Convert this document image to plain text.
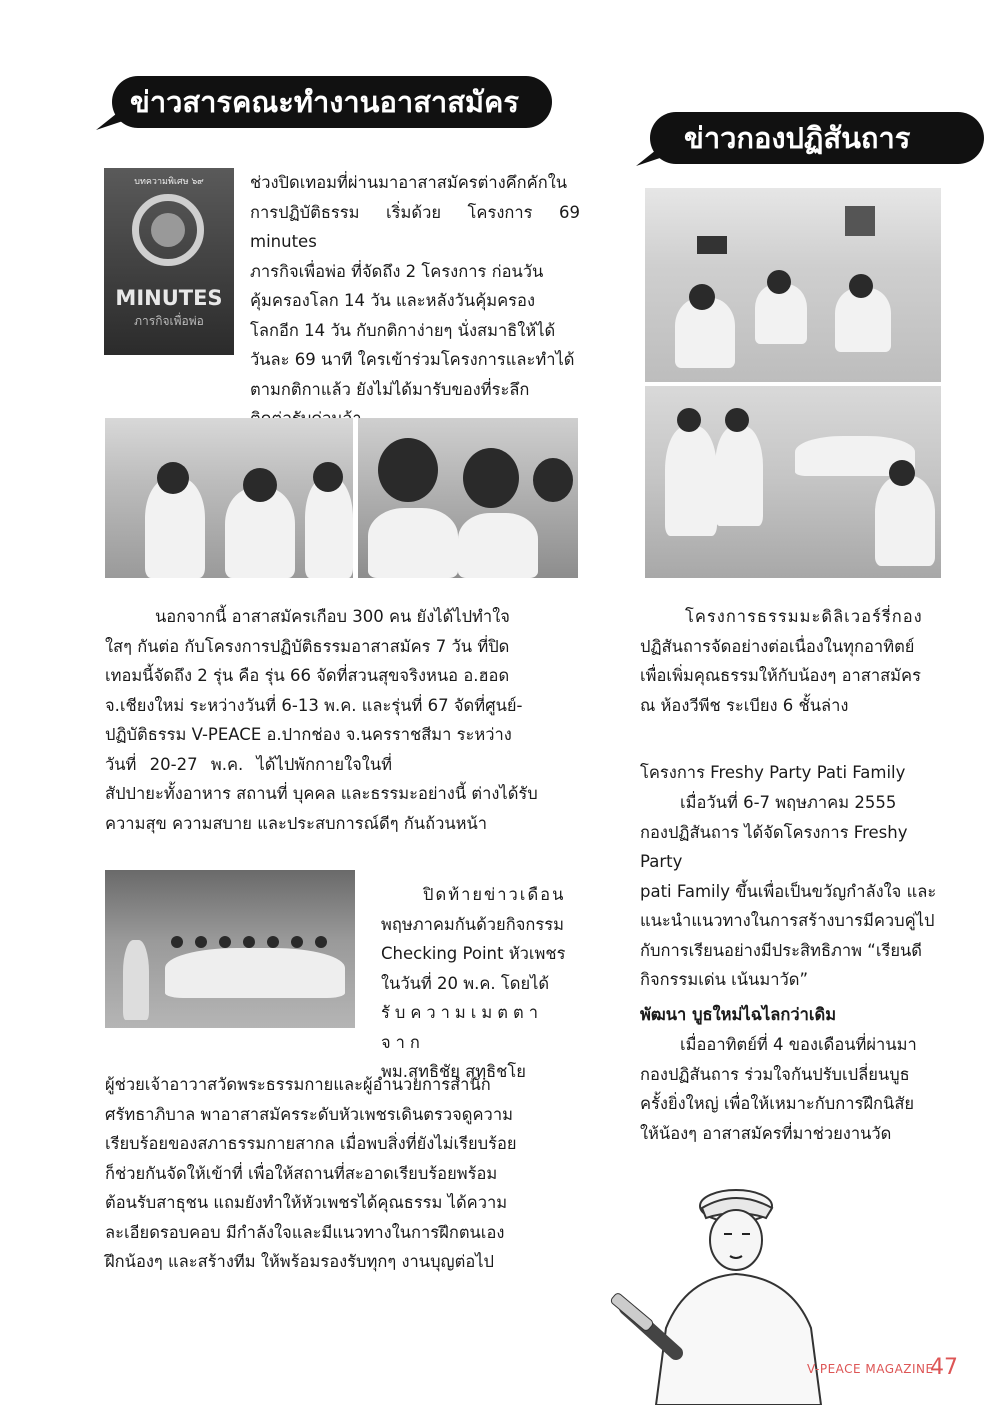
ข่าวสารคณะทำงานอาสาสมัคร
ข่าวกองปฏิสันถาร
บทความพิเศษ ๖๙
MINUTES
ภารกิจเพื่อพ่อ
ช่วงปิดเทอมที่ผ่านมาอาสาสมัครต่างคึกคักใน
การปฏิบัติธรรม เริ่มด้วย โครงการ 69 minutes
ภารกิจเพื่อพ่อ ที่จัดถึง 2 โครงการ ก่อนวัน
คุ้มครองโลก 14 วัน และหลังวันคุ้มครอง
โลกอีก 14 วัน กับกติกาง่ายๆ นั่งสมาธิให้ได้
วันละ 69 นาที ใครเข้าร่วมโครงการและทำได้
ตามกติกาแล้ว ยังไม่ได้มารับของที่ระลึก
นอกจากนี้ อาสาสมัครเกือบ 300 คน ยังได้ไปทำใจ
ใสๆ กันต่อ กับโครงการปฏิบัติธรรมอาสาสมัคร 7 วัน ที่ปิด
เทอมนี้จัดถึง 2 รุ่น คือ รุ่น 66 จัดที่สวนสุขจริงหนอ อ.ฮอด
จ.เชียงใหม่ ระหว่างวันที่ 6-13 พ.ค. และรุ่นที่ 67 จัดที่ศูนย์-
ปฏิบัติธรรม V-PEACE อ.ปากช่อง จ.นครราชสีมา ระหว่าง
วันที่ 20-27 พ.ค. ได้ไปพักกายใจในที่
สัปปายะทั้งอาหาร สถานที่ บุคคล และธรรมะอย่างนี้ ต่างได้รับ
ความสุข ความสบาย และประสบการณ์ดีๆ กันถ้วนหน้า
ปิดท้ายข่าวเดือน
พฤษภาคมกันด้วยกิจกรรม
Checking Point หัวเพชร
ในวันที่ 20 พ.ค. โดยได้
รับความเมตตาจาก
พม.สุทธิชัย สุทฺธิชโย
ผู้ช่วยเจ้าอาวาสวัดพระธรรมกายและผู้อำนวยการสำนัก
ศรัทธาภิบาล พาอาสาสมัครระดับหัวเพชรเดินตรวจดูความ
เรียบร้อยของสภาธรรมกายสากล เมื่อพบสิ่งที่ยังไม่เรียบร้อย
ก็ช่วยกันจัดให้เข้าที่ เพื่อให้สถานที่สะอาดเรียบร้อยพร้อม
ต้อนรับสาธุชน แถมยังทำให้หัวเพชรได้คุณธรรม ได้ความ
ละเอียดรอบคอบ มีกำลังใจและมีแนวทางในการฝึกตนเอง
ฝึกน้องๆ และสร้างทีม ให้พร้อมรองรับทุกๆ งานบุญต่อไป
โครงการธรรมมะดิลิเวอร์รี่กอง
ปฏิสันถารจัดอย่างต่อเนื่องในทุกอาทิตย์
เพื่อเพิ่มคุณธรรมให้กับน้องๆ อาสาสมัคร
ณ ห้องวีพีช ระเบียง 6 ชั้นล่าง
โครงการ Freshy Party Pati Family
เมื่อวันที่ 6-7 พฤษภาคม 2555
กองปฏิสันถาร ได้จัดโครงการ Freshy Party
pati Family ขึ้นเพื่อเป็นขวัญกำลังใจ และ
แนะนำแนวทางในการสร้างบารมีควบคู่ไป
กับการเรียนอย่างมีประสิทธิภาพ “เรียนดี
กิจกรรมเด่น เน้นมาวัด”
พัฒนา บูธใหม่ไฉไลกว่าเดิม
เมื่ออาทิตย์ที่ 4 ของเดือนที่ผ่านมา
กองปฏิสันถาร ร่วมใจกันปรับเปลี่ยนบูธ
ครั้งยิ่งใหญ่ เพื่อให้เหมาะกับการฝึกนิสัย
ให้น้องๆ อาสาสมัครที่มาช่วยงานวัด
V-PEACE MAGAZINE
47
